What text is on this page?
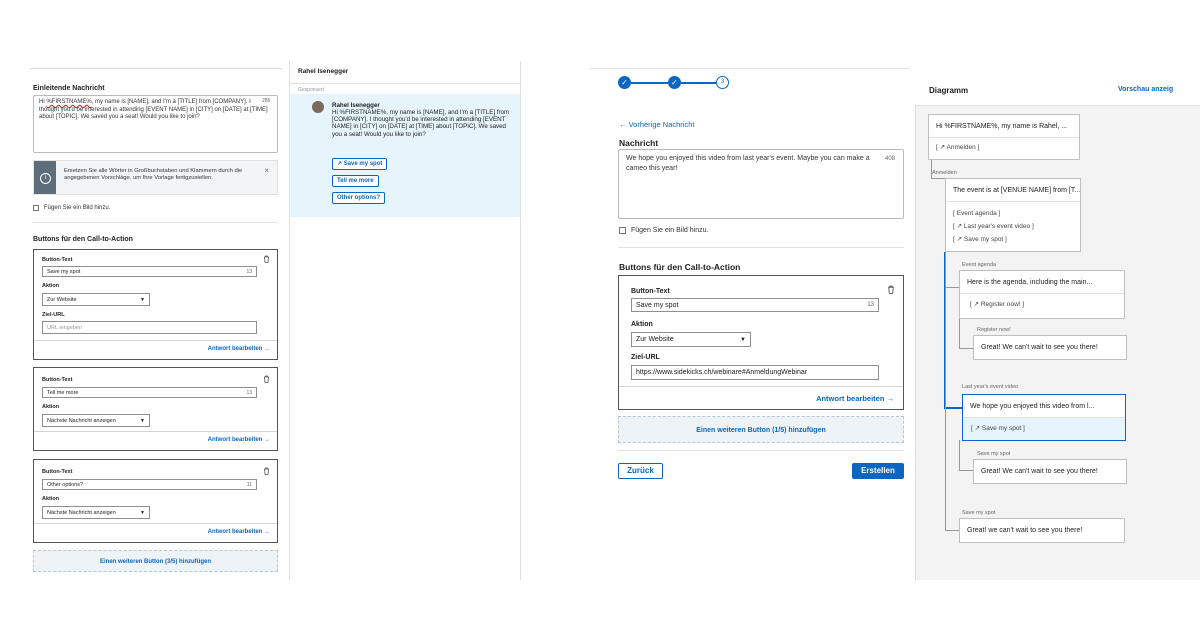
Einleitende Nachricht
Hi %FIRSTNAME%, my name is [NAME], and I'm a [TITLE] from [COMPANY]. I thought you'd be interested in attending [EVENT NAME] in [CITY] on [DATE] at [TIME] about [TOPIC]. We saved you a seat! Would you like to join?
286
i
Ersetzen Sie alle Wörter in Großbuchstaben und Klammern durch die angegebenen Vorschläge, um Ihre Vorlage fertigzustellen.
×
Fügen Sie ein Bild hinzu.
Buttons für den Call-to-Action
Button-Text
Save my spot	13
Aktion
Zur Website	▼
Ziel-URL
URL eingeben
Antwort bearbeiten →
Button-Text
Tell me more	13
Aktion
Nächste Nachricht anzeigen	▼
Antwort bearbeiten →
Button-Text
Other options?	11
Aktion
Nächste Nachricht anzeigen	▼
Antwort bearbeiten →
Einen weiteren Button (3/5) hinzufügen
Rahel Isenegger
Gesponsert
Rahel Isenegger
Hi %FIRSTNAME%, my name is [NAME], and I'm a [TITLE] from [COMPANY]. I thought you'd be interested in attending [EVENT NAME] in [CITY] on [DATE] at [TIME] about [TOPIC]. We saved you a seat! Would you like to join?
↗ Save my spot
Tell me more
Other options?
✓	✓	3
← Vorherige Nachricht
Nachricht
We hope you enjoyed this video from last year's event. Maybe you can make a cameo this year!
408
Fügen Sie ein Bild hinzu.
Buttons für den Call-to-Action
Button-Text
Save my spot	13
Aktion
Zur Website	▼
Ziel-URL
https://www.sidekicks.ch/webinare#AnmeldungWebinar
Antwort bearbeiten →
Einen weiteren Button (1/5) hinzufügen
Zurück	Erstellen
Diagramm	Vorschau anzeig
Hi %FIRSTNAME%, my name is Rahel, ...
[ ↗ Anmelden ]
Anmelden
The event is at [VENUE NAME] from [T...
[ Event agenda ]
[ ↗ Last year's event video ]
[ ↗ Save my spot ]
Event agenda
Here is the agenda, including the main...
[ ↗ Register now! ]
Register now!
Great! We can't wait to see you there!
Last year's event video
We hope you enjoyed this video from l...
[ ↗ Save my spot ]
Save my spot
Great! We can't wait to see you there!
Save my spot
Great! we can't wait to see you there!
